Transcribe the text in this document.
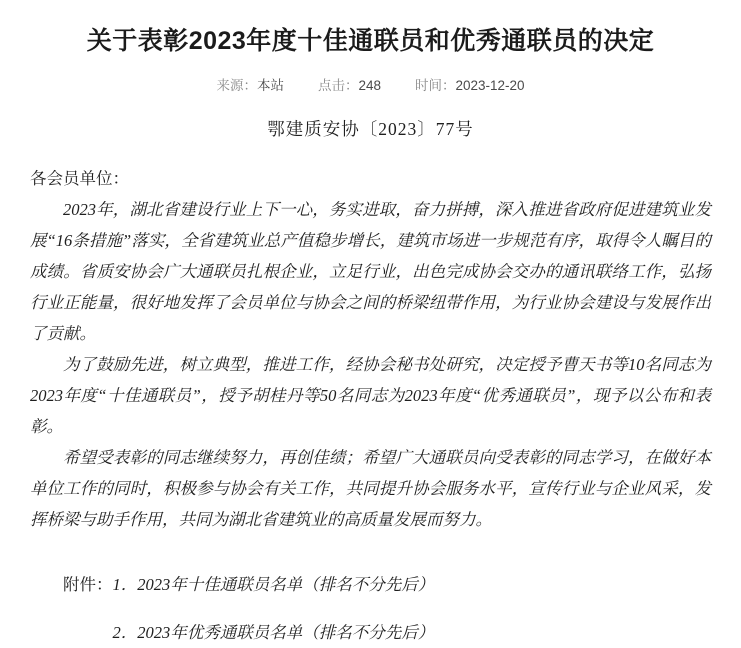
关于表彰2023年度十佳通联员和优秀通联员的决定
来源：本站	点击：248	时间：2023-12-20
鄂建质安协〔2023〕77号

各会员单位：

2023年，湖北省建设行业上下一心，务实进取，奋力拼搏，深入推进省政府促进建筑业发展“16条措施”落实，全省建筑业总产值稳步增长，建筑市场进一步规范有序，取得令人瞩目的成绩。省质安协会广大通联员扎根企业，立足行业，出色完成协会交办的通讯联络工作，弘扬行业正能量，很好地发挥了会员单位与协会之间的桥梁纽带作用，为行业协会建设与发展作出了贡献。

为了鼓励先进，树立典型，推进工作，经协会秘书处研究，决定授予曹天书等10名同志为2023年度“十佳通联员”，授予胡桂丹等50名同志为2023年度“优秀通联员”，现予以公布和表彰。

希望受表彰的同志继续努力，再创佳绩；希望广大通联员向受表彰的同志学习，在做好本单位工作的同时，积极参与协会有关工作，共同提升协会服务水平，宣传行业与企业风采，发挥桥梁与助手作用，共同为湖北省建筑业的高质量发展而努力。

附件：1．2023年十佳通联员名单（排名不分先后）

2．2023年优秀通联员名单（排名不分先后）
